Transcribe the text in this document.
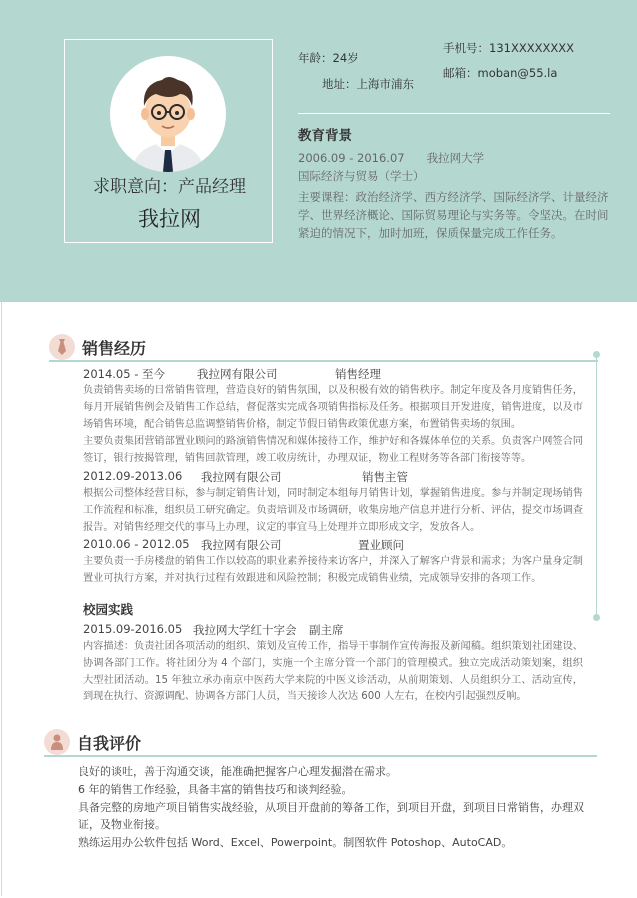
求职意向：产品经理
我拉网
年龄：24岁
地址：上海市浦东
手机号：131XXXXXXXX
邮箱：moban@55.la
教育背景
2006.09 - 2016.07 我拉网大学
国际经济与贸易（学士）
主要课程：政治经济学、西方经济学、国际经济学、计量经济学、世界经济概论、国际贸易理论与实务等。令坚决。在时间紧迫的情况下，加时加班，保质保量完成工作任务。
销售经历
2014.05 - 至今	我拉网有限公司	销售经理
负责销售卖场的日常销售管理，营造良好的销售氛围，以及积极有效的销售秩序。制定年度及各月度销售任务，每月开展销售例会及销售工作总结，督促落实完成各项销售指标及任务。根据项目开发进度，销售进度，以及市场销售环境，配合销售总监调整销售价格，制定节假日销售政策优惠方案，布置销售卖场的氛围。
主要负责集团营销部置业顾问的路演销售情况和媒体接待工作，维护好和各媒体单位的关系。负责客户网签合同签订，银行按揭管理，销售回款管理，竣工收房统计，办理双证，物业工程财务等各部门衔接等等。
2012.09-2013.06 我拉网有限公司	销售主管
根据公司整体经营目标，参与制定销售计划，同时制定本组每月销售计划，掌握销售进度。参与并制定现场销售工作流程和标准，组织员工研究确定。负责培训及市场调研，收集房地产信息并进行分析、评估，提交市场调查报告。对销售经理交代的事马上办理，议定的事宜马上处理并立即形成文字，发放各人。
2010.06 - 2012.05 我拉网有限公司	置业顾问
主要负责一手房楼盘的销售工作以较高的职业素养接待来访客户，并深入了解客户背景和需求；为客户量身定制置业可执行方案，并对执行过程有效跟进和风险控制；积极完成销售业绩，完成领导安排的各项工作。
校园实践
2015.09-2016.05 我拉网大学红十字会 副主席
内容描述：负责社团各项活动的组织、策划及宣传工作，指导干事制作宣传海报及新闻稿。组织策划社团建设、协调各部门工作。将社团分为 4 个部门，实施一个主席分管一个部门的管理模式。独立完成活动策划案，组织大型社团活动。15 年独立承办南京中医药大学来院的中医义诊活动，从前期策划、人员组织分工、活动宣传，到现在执行、资源调配、协调各方部门人员，当天接诊人次达 600 人左右，在校内引起强烈反响。
自我评价
良好的谈吐，善于沟通交谈，能准确把握客户心理发掘潜在需求。
6 年的销售工作经验，具备丰富的销售技巧和谈判经验。
具备完整的房地产项目销售实战经验，从项目开盘前的筹备工作，到项目开盘，到项目日常销售，办理双证，及物业衔接。
熟练运用办公软件包括 Word、Excel、Powerpoint。制图软件 Potoshop、AutoCAD。
